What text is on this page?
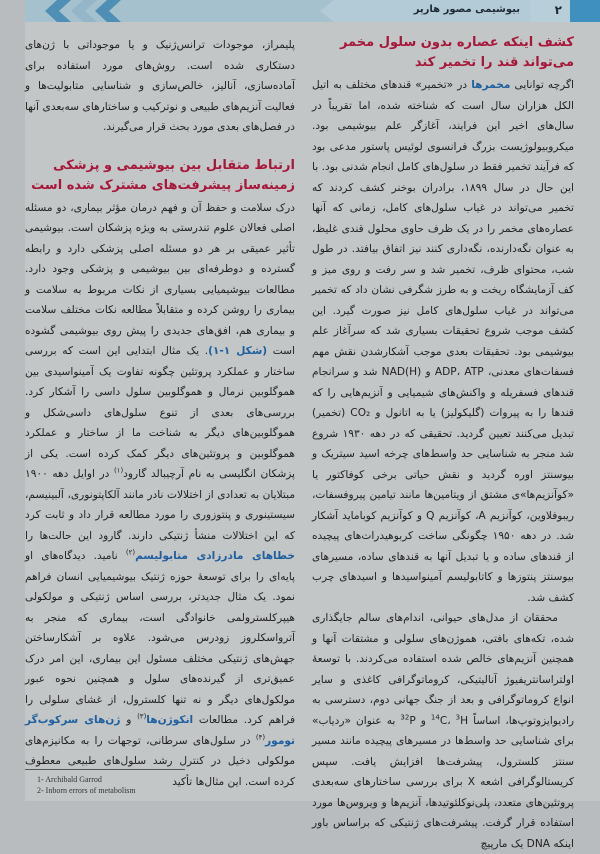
بیوشیمی مصور هارپر	۲
کشف اینکه عصاره بدون سلول مخمر می‌تواند قند را تخمیر کند

اگرچه توانایی مخمرها در «تخمیر» قندهای مختلف به اتیل الکل هزاران سال است که شناخته شده، اما تقریباً در سال‌های اخیر این فرایند، آغازگر علم بیوشیمی بود. میکروبیولوژیست بزرگ فرانسوی لوئیس پاستور مدعی بود که فرآیند تخمیر فقط در سلول‌های کامل انجام شدنی بود. با این حال در سال ۱۸۹۹، برادران بوخنر کشف کردند که تخمیر می‌تواند در غیاب سلول‌های کامل، زمانی که آنها عصاره‌های مخمر را در یک ظرف حاوی محلول قندی غلیظ، به عنوان نگه‌دارنده، نگه‌داری کنند نیز اتفاق بیافتد. در طول شب، محتوای ظرف، تخمیر شد و سر رفت و روی میز و کف آزمایشگاه ریخت و به طرز شگرفی نشان داد که تخمیر می‌تواند در غیاب سلول‌های کامل نیز صورت گیرد. این کشف موجب شروع تحقیقات بسیاری شد که سرآغاز علم بیوشیمی بود. تحقیقات بعدی موجب آشکارشدن نقش مهم فسفات‌های معدنی، ADP، ATP و NAD(H) شد و سرانجام قندهای فسفریله و واکنش‌های شیمیایی و آنزیم‌هایی را که قندها را به پیروات (گلیکولیز) یا به اتانول و CO₂ (تخمیر) تبدیل می‌کنند تعیین گردید. تحقیقی که در دهه ۱۹۳۰ شروع شد منجر به شناسایی حد واسط‌های چرخه اسید سیتریک و بیوسنتز اوره گردید و نقش حیاتی برخی کوفاکتور یا «کوآنزیم‌ها»ی مشتق از ویتامین‌ها مانند تیامین پیروفسفات، ریبوفلاوین، کوآنزیم A، کوآنزیم Q و کوآنزیم کوبامايد آشکار شد. در دهه ۱۹۵۰ چگونگی ساخت کربوهیدرات‌های پیچیده از قندهای ساده و یا تبدیل آنها به قندهای ساده، مسیرهای بیوسنتز پنتوزها و کاتابولیسم آمینواسیدها و اسیدهای چرب کشف شد.

محققان از مدل‌های حیوانی، اندام‌های سالم جایگذاری شده، تکه‌های بافتی، هموژن‌های سلولی و مشتقات آنها و همچنین آنزیم‌های خالص شده استفاده می‌کردند. با توسعهٔ اولتراسانتریفیوژ آنالیتیکی، کروماتوگرافی کاغذی و سایر انواع کروماتوگرافی و بعد از جنگ جهانی دوم، دسترسی به رادیوایزوتوپ‌ها، اساساً $^{14}$C، $^3$H و $^{32}$P به عنوان «ردیاب» برای شناسایی حد واسط‌ها در مسیرهای پیچیده مانند مسیر سنتز کلسترول، پیشرفت‌ها افزایش یافت. سپس کریستالوگرافی اشعه X برای بررسی ساختارهای سه‌بعدی پروتئین‌های متعدد، پلی‌نوکلئوتیدها، آنزیم‌ها و ویروس‌ها مورد استفاده قرار گرفت. پیشرفت‌های ژنتیکی که براساس باور اینکه DNA یک مارپیچ

پلیمراز، موجودات ترانس‌ژنیک و یا موجوداتی با ژن‌های دستکاری شده است. روش‌های مورد استفاده برای آماده‌سازی، آنالیز، خالص‌سازی و شناسایی متابولیت‌ها و فعالیت آنزیم‌های طبیعی و نوترکیب و ساختارهای سه‌بعدی آنها در فصل‌های بعدی مورد بحث قرار می‌گیرند.

ارتباط متقابل بین بیوشیمی و پزشکی زمینه‌ساز پیشرفت‌های مشترک شده است

درک سلامت و حفظ آن و فهم درمان مؤثر بیماری، دو مسئله اصلی فعالان علوم تندرستی به ویژه پزشکان است. بیوشیمی تأثیر عمیقی بر هر دو مسئله اصلی پزشکی دارد و رابطه گسترده و دوطرفه‌ای بین بیوشیمی و پزشکی وجود دارد. مطالعات بیوشیمیایی بسیاری از نکات مربوط به سلامت و بیماری را روشن کرده و متقابلاً مطالعه نکات مختلف سلامت و بیماری هم، افق‌های جدیدی را پیش روی بیوشیمی گشوده است (شکل ۱-۱). یک مثال ابتدایی این است که بررسی ساختار و عملکرد پروتئین چگونه تفاوت یک آمینواسیدی بین هموگلوبین نرمال و هموگلوبین سلول داسی را آشکار کرد. بررسی‌های بعدی از تنوع سلول‌های داسی‌شکل و هموگلوبین‌های دیگر به شناخت ما از ساختار و عملکرد هموگلوبین و پروتئین‌های دیگر کمک کرده است. یکی از پزشکان انگلیسی به نام آرچیبالد گارود$^{(۱)}$ در اوایل دهه ۱۹۰۰ مبتلایان به تعدادی از اختلالات نادر مانند آلکاپتونوری، آلبینیسم، سیستینوری و پنتوزوری را مورد مطالعه قرار داد و ثابت کرد که این اختلالات منشأ ژنتیکی دارند. گارود این حالت‌ها را خطاهای مادرزادی متابولیسم$^{(۲)}$ نامید. دیدگاه‌های او پایه‌ای را برای توسعهٔ حوزه ژنتیک بیوشیمیایی انسان فراهم نمود. یک مثال جدیدتر، بررسی اساس ژنتیکی و مولکولی هیپرکلسترولمی خانوادگی است، بیماری که منجر به آترواسکلروز زودرس می‌شود. علاوه بر آشکارساختن جهش‌های ژنتیکی مختلف مسئول این بیماری، این امر درک عمیق‌تری از گیرنده‌های سلول و همچنین نحوه عبور مولکول‌های دیگر و نه تنها کلسترول، از غشای سلولی را فراهم کرد. مطالعات انکوژن‌ها$^{(۳)}$ و ژن‌های سرکوب‌گر تومور$^{(۴)}$ در سلول‌های سرطانی، توجهات را به مکانیزم‌های مولکولی دخیل در کنترل رشد سلول‌های طبیعی معطوف کرده است. این مثال‌ها تأکید

1- Archibald Garrod
2- Inborn errors of metabolism
